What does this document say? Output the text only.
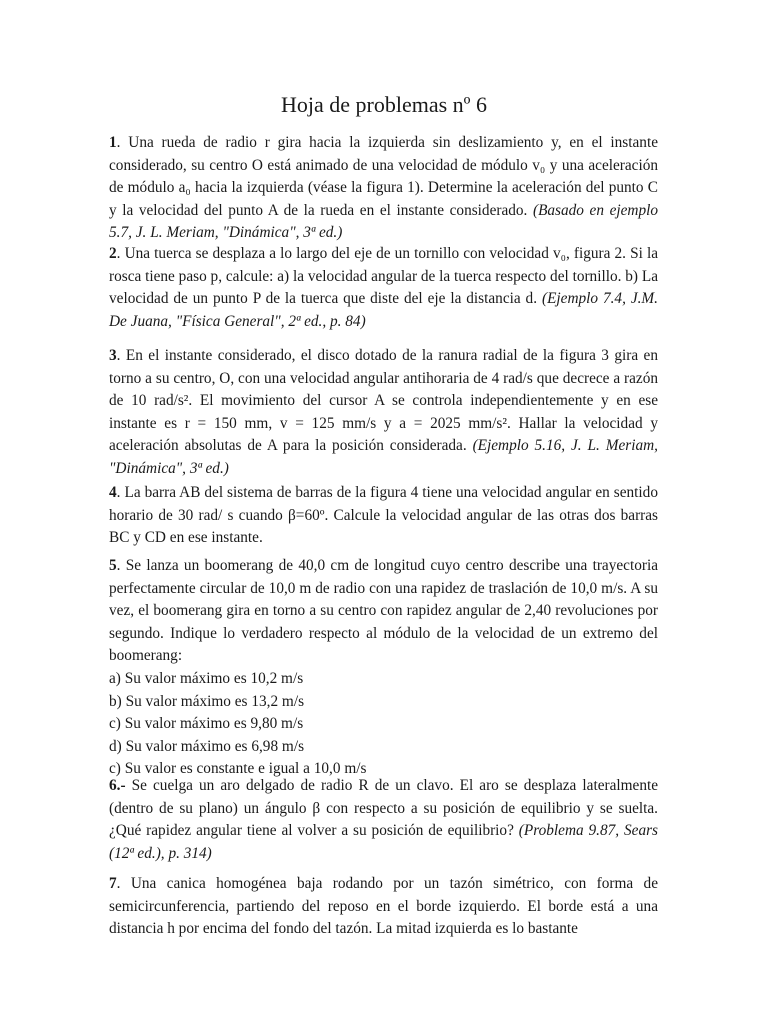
Hoja de problemas nº 6

1. Una rueda de radio r gira hacia la izquierda sin deslizamiento y, en el instante considerado, su centro O está animado de una velocidad de módulo v₀ y una aceleración de módulo a₀ hacia la izquierda (véase la figura 1). Determine la aceleración del punto C y la velocidad del punto A de la rueda en el instante considerado. (Basado en ejemplo 5.7, J. L. Meriam, "Dinámica", 3ª ed.)

2. Una tuerca se desplaza a lo largo del eje de un tornillo con velocidad v₀, figura 2. Si la rosca tiene paso p, calcule: a) la velocidad angular de la tuerca respecto del tornillo. b) La velocidad de un punto P de la tuerca que diste del eje la distancia d. (Ejemplo 7.4, J.M. De Juana, "Física General", 2ª ed., p. 84)

3. En el instante considerado, el disco dotado de la ranura radial de la figura 3 gira en torno a su centro, O, con una velocidad angular antihoraria de 4 rad/s que decrece a razón de 10 rad/s². El movimiento del cursor A se controla independientemente y en ese instante es r = 150 mm, v = 125 mm/s y a = 2025 mm/s². Hallar la velocidad y aceleración absolutas de A para la posición considerada. (Ejemplo 5.16, J. L. Meriam, "Dinámica", 3ª ed.)

4. La barra AB del sistema de barras de la figura 4 tiene una velocidad angular en sentido horario de 30 rad/ s cuando β=60º. Calcule la velocidad angular de las otras dos barras BC y CD en ese instante.

5. Se lanza un boomerang de 40,0 cm de longitud cuyo centro describe una trayectoria perfectamente circular de 10,0 m de radio con una rapidez de traslación de 10,0 m/s. A su vez, el boomerang gira en torno a su centro con rapidez angular de 2,40 revoluciones por segundo. Indique lo verdadero respecto al módulo de la velocidad de un extremo del boomerang:
a) Su valor máximo es 10,2 m/s
b) Su valor máximo es 13,2 m/s
c) Su valor máximo es 9,80 m/s
d) Su valor máximo es 6,98 m/s
c) Su valor es constante e igual a 10,0 m/s

6.- Se cuelga un aro delgado de radio R de un clavo. El aro se desplaza lateralmente (dentro de su plano) un ángulo β con respecto a su posición de equilibrio y se suelta. ¿Qué rapidez angular tiene al volver a su posición de equilibrio? (Problema 9.87, Sears (12ª ed.), p. 314)

7. Una canica homogénea baja rodando por un tazón simétrico, con forma de semicircunferencia, partiendo del reposo en el borde izquierdo. El borde está a una distancia h por encima del fondo del tazón. La mitad izquierda es lo bastante
